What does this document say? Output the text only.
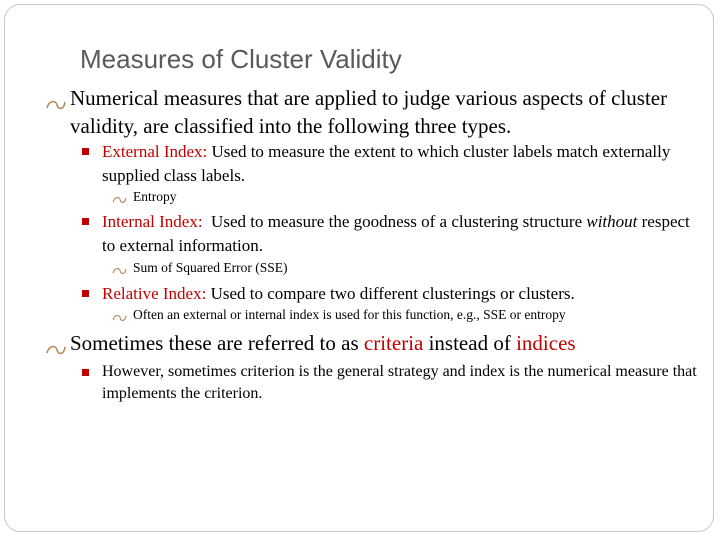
Measures of Cluster Validity
Numerical measures that are applied to judge various aspects of cluster validity, are classified into the following three types.
External Index: Used to measure the extent to which cluster labels match externally supplied class labels.
Entropy
Internal Index:  Used to measure the goodness of a clustering structure without respect to external information.
Sum of Squared Error (SSE)
Relative Index: Used to compare two different clusterings or clusters.
Often an external or internal index is used for this function, e.g., SSE or entropy
Sometimes these are referred to as criteria instead of indices
However, sometimes criterion is the general strategy and index is the numerical measure that implements the criterion.
